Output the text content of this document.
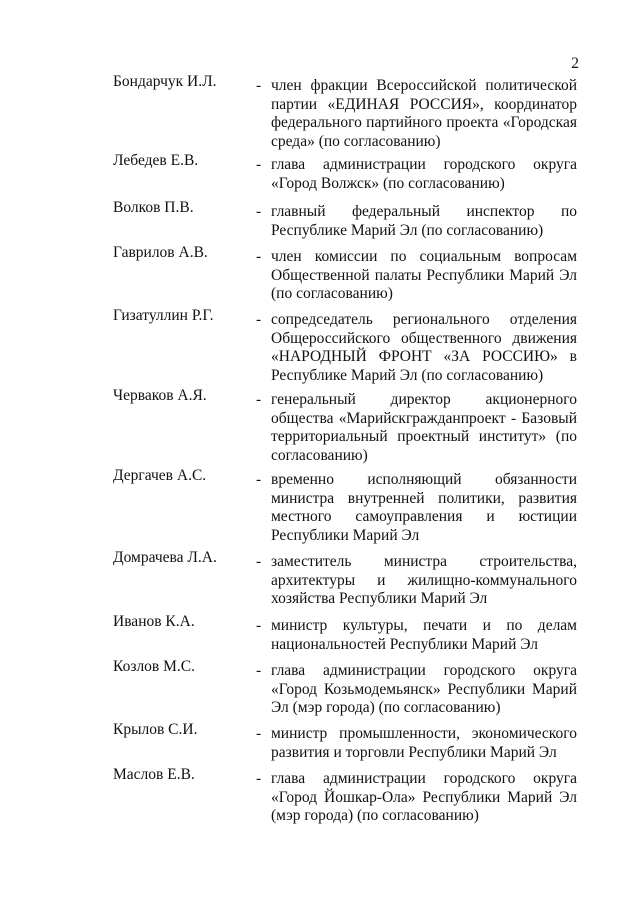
2
Бондарчук И.Л.	- член фракции Всероссийской политической партии «ЕДИНАЯ РОССИЯ», координатор федерального партийного проекта «Городская среда» (по согласованию)
Лебедев Е.В.	- глава администрации городского округа «Город Волжск» (по согласованию)
Волков П.В.	- главный федеральный инспектор по Республике Марий Эл (по согласованию)
Гаврилов А.В.	- член комиссии по социальным вопросам Общественной палаты Республики Марий Эл (по согласованию)
Гизатуллин Р.Г.	- сопредседатель регионального отделения Общероссийского общественного движения «НАРОДНЫЙ ФРОНТ «ЗА РОССИЮ» в Республике Марий Эл (по согласованию)
Черваков А.Я.	- генеральный директор акционерного общества «Марийскгражданпроект - Базовый территориальный проектный институт» (по согласованию)
Дергачев А.С.	- временно исполняющий обязанности министра внутренней политики, развития местного самоуправления и юстиции Республики Марий Эл
Домрачева Л.А.	- заместитель министра строительства, архитектуры и жилищно-коммунального хозяйства Республики Марий Эл
Иванов К.А.	- министр культуры, печати и по делам национальностей Республики Марий Эл
Козлов М.С.	- глава администрации городского округа «Город Козьмодемьянск» Республики Марий Эл (мэр города) (по согласованию)
Крылов С.И.	- министр промышленности, экономического развития и торговли Республики Марий Эл
Маслов Е.В.	- глава администрации городского округа «Город Йошкар-Ола» Республики Марий Эл (мэр города) (по согласованию)
